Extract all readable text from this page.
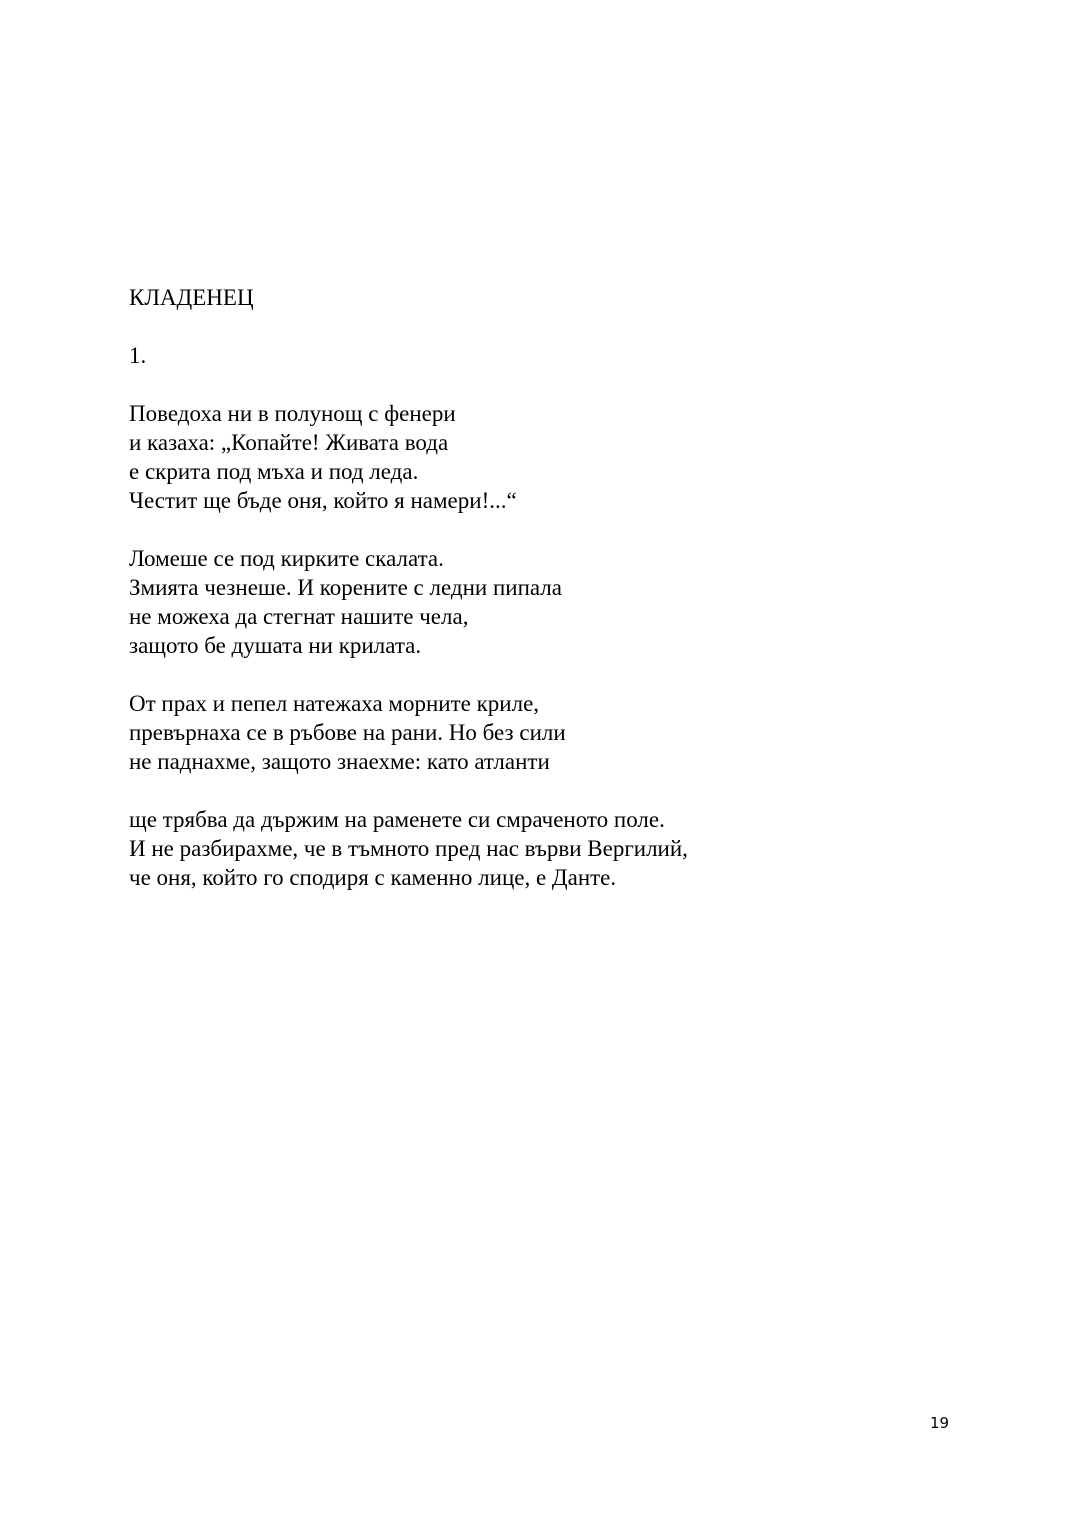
КЛАДЕНЕЦ
1.
Поведоха ни в полунощ с фенери
и казаха: „Копайте! Живата вода
е скрита под мъха и под леда.
Честит ще бъде оня, който я намери!...“
Ломеше се под кирките скалата.
Змията чезнеше. И корените с ледни пипала
не можеха да стегнат нашите чела,
защото бе душата ни крилата.
От прах и пепел натежаха морните криле,
превърнаха се в ръбове на рани. Но без сили
не паднахме, защото знаехме: като атланти
ще трябва да държим на раменете си смраченото поле.
И не разбирахме, че в тъмното пред нас върви Вергилий,
че оня, който го сподиря с каменно лице, е Данте.
19
